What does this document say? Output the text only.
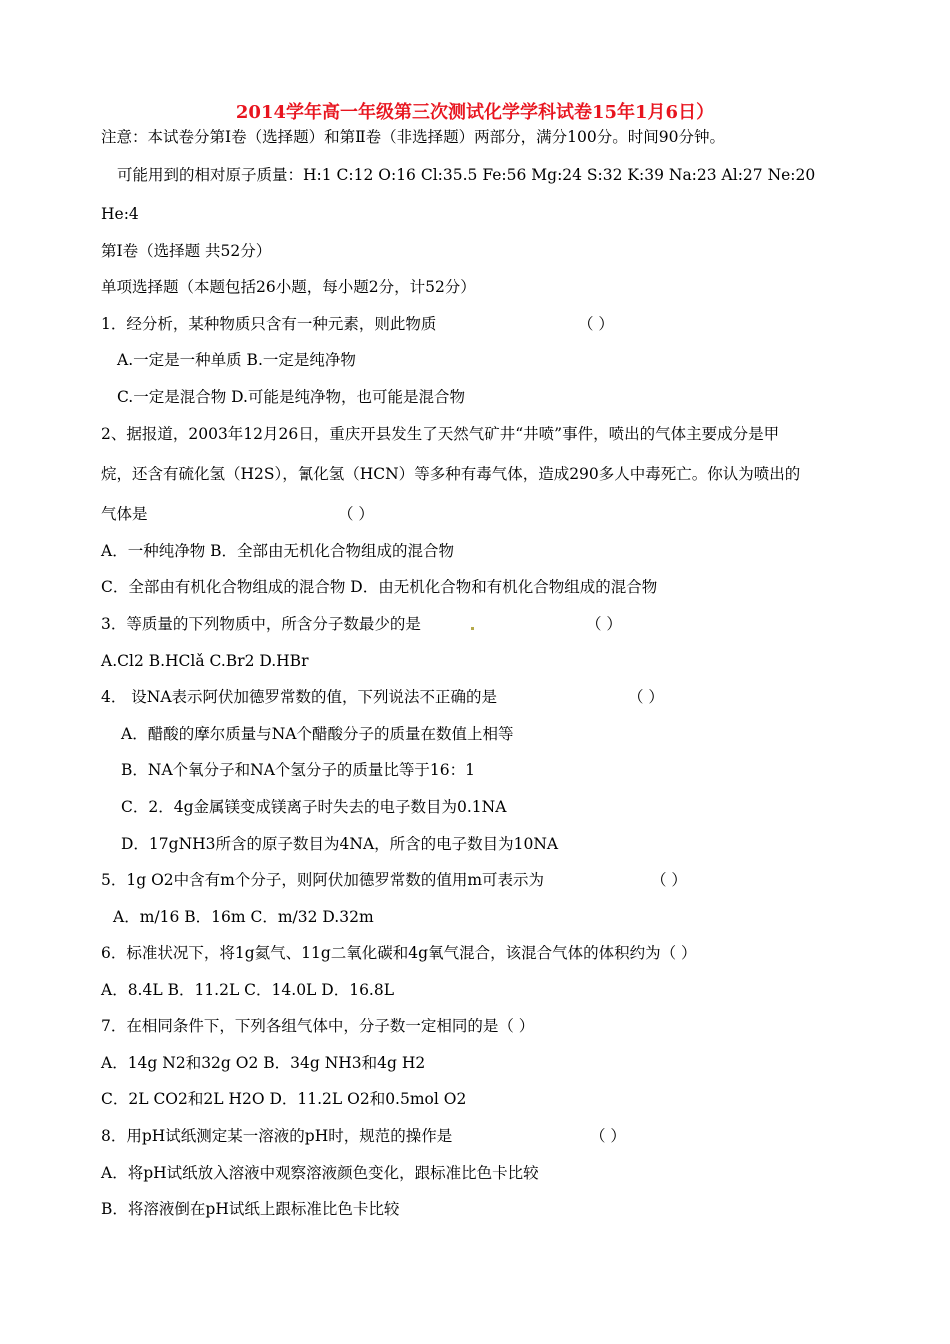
2014学年高一年级第三次测试化学学科试卷15年1月6日）
注意：本试卷分第Ⅰ卷（选择题）和第Ⅱ卷（非选择题）两部分，满分100分。时间90分钟。
可能用到的相对原子质量：H:1 C:12 O:16 Cl:35.5 Fe:56 Mg:24 S:32 K:39 Na:23 Al:27 Ne:20
He:4
第Ⅰ卷（选择题 共52分）
单项选择题（本题包括26小题，每小题2分，计52分）
1．经分析，某种物质只含有一种元素，则此物质	（ ）
A.一定是一种单质 B.一定是纯净物
C.一定是混合物 D.可能是纯净物，也可能是混合物
2、据报道，2003年12月26日，重庆开县发生了天然气矿井“井喷”事件，喷出的气体主要成分是甲
烷，还含有硫化氢（H2S），氰化氢（HCN）等多种有毒气体，造成290多人中毒死亡。你认为喷出的
气体是	（ ）
A．一种纯净物 B．全部由无机化合物组成的混合物
C．全部由有机化合物组成的混合物 D．由无机化合物和有机化合物组成的混合物
3．等质量的下列物质中，所含分子数最少的是	（ ）
A.Cl2 B.HClǎ C.Br2 D.HBr
4． 设NA表示阿伏加德罗常数的值，下列说法不正确的是	（ ）
A．醋酸的摩尔质量与NA个醋酸分子的质量在数值上相等
B．NA个氧分子和NA个氢分子的质量比等于16：1
C．2．4g金属镁变成镁离子时失去的电子数目为0.1NA
D．17gNH3所含的原子数目为4NA，所含的电子数目为10NA
5．1g O2中含有m个分子，则阿伏加德罗常数的值用m可表示为	（ ）
A．m/16 B．16m C．m/32 D.32m
6．标准状况下，将1g氦气、11g二氧化碳和4g氧气混合，该混合气体的体积约为（ ）
A．8.4L B．11.2L C．14.0L D．16.8L
7．在相同条件下，下列各组气体中，分子数一定相同的是（ ）
A．14g N2和32g O2 B．34g NH3和4g H2
C．2L CO2和2L H2O D．11.2L O2和0.5mol O2
8．用pH试纸测定某一溶液的pH时，规范的操作是	（ ）
A．将pH试纸放入溶液中观察溶液颜色变化，跟标准比色卡比较
B．将溶液倒在pH试纸上跟标准比色卡比较
